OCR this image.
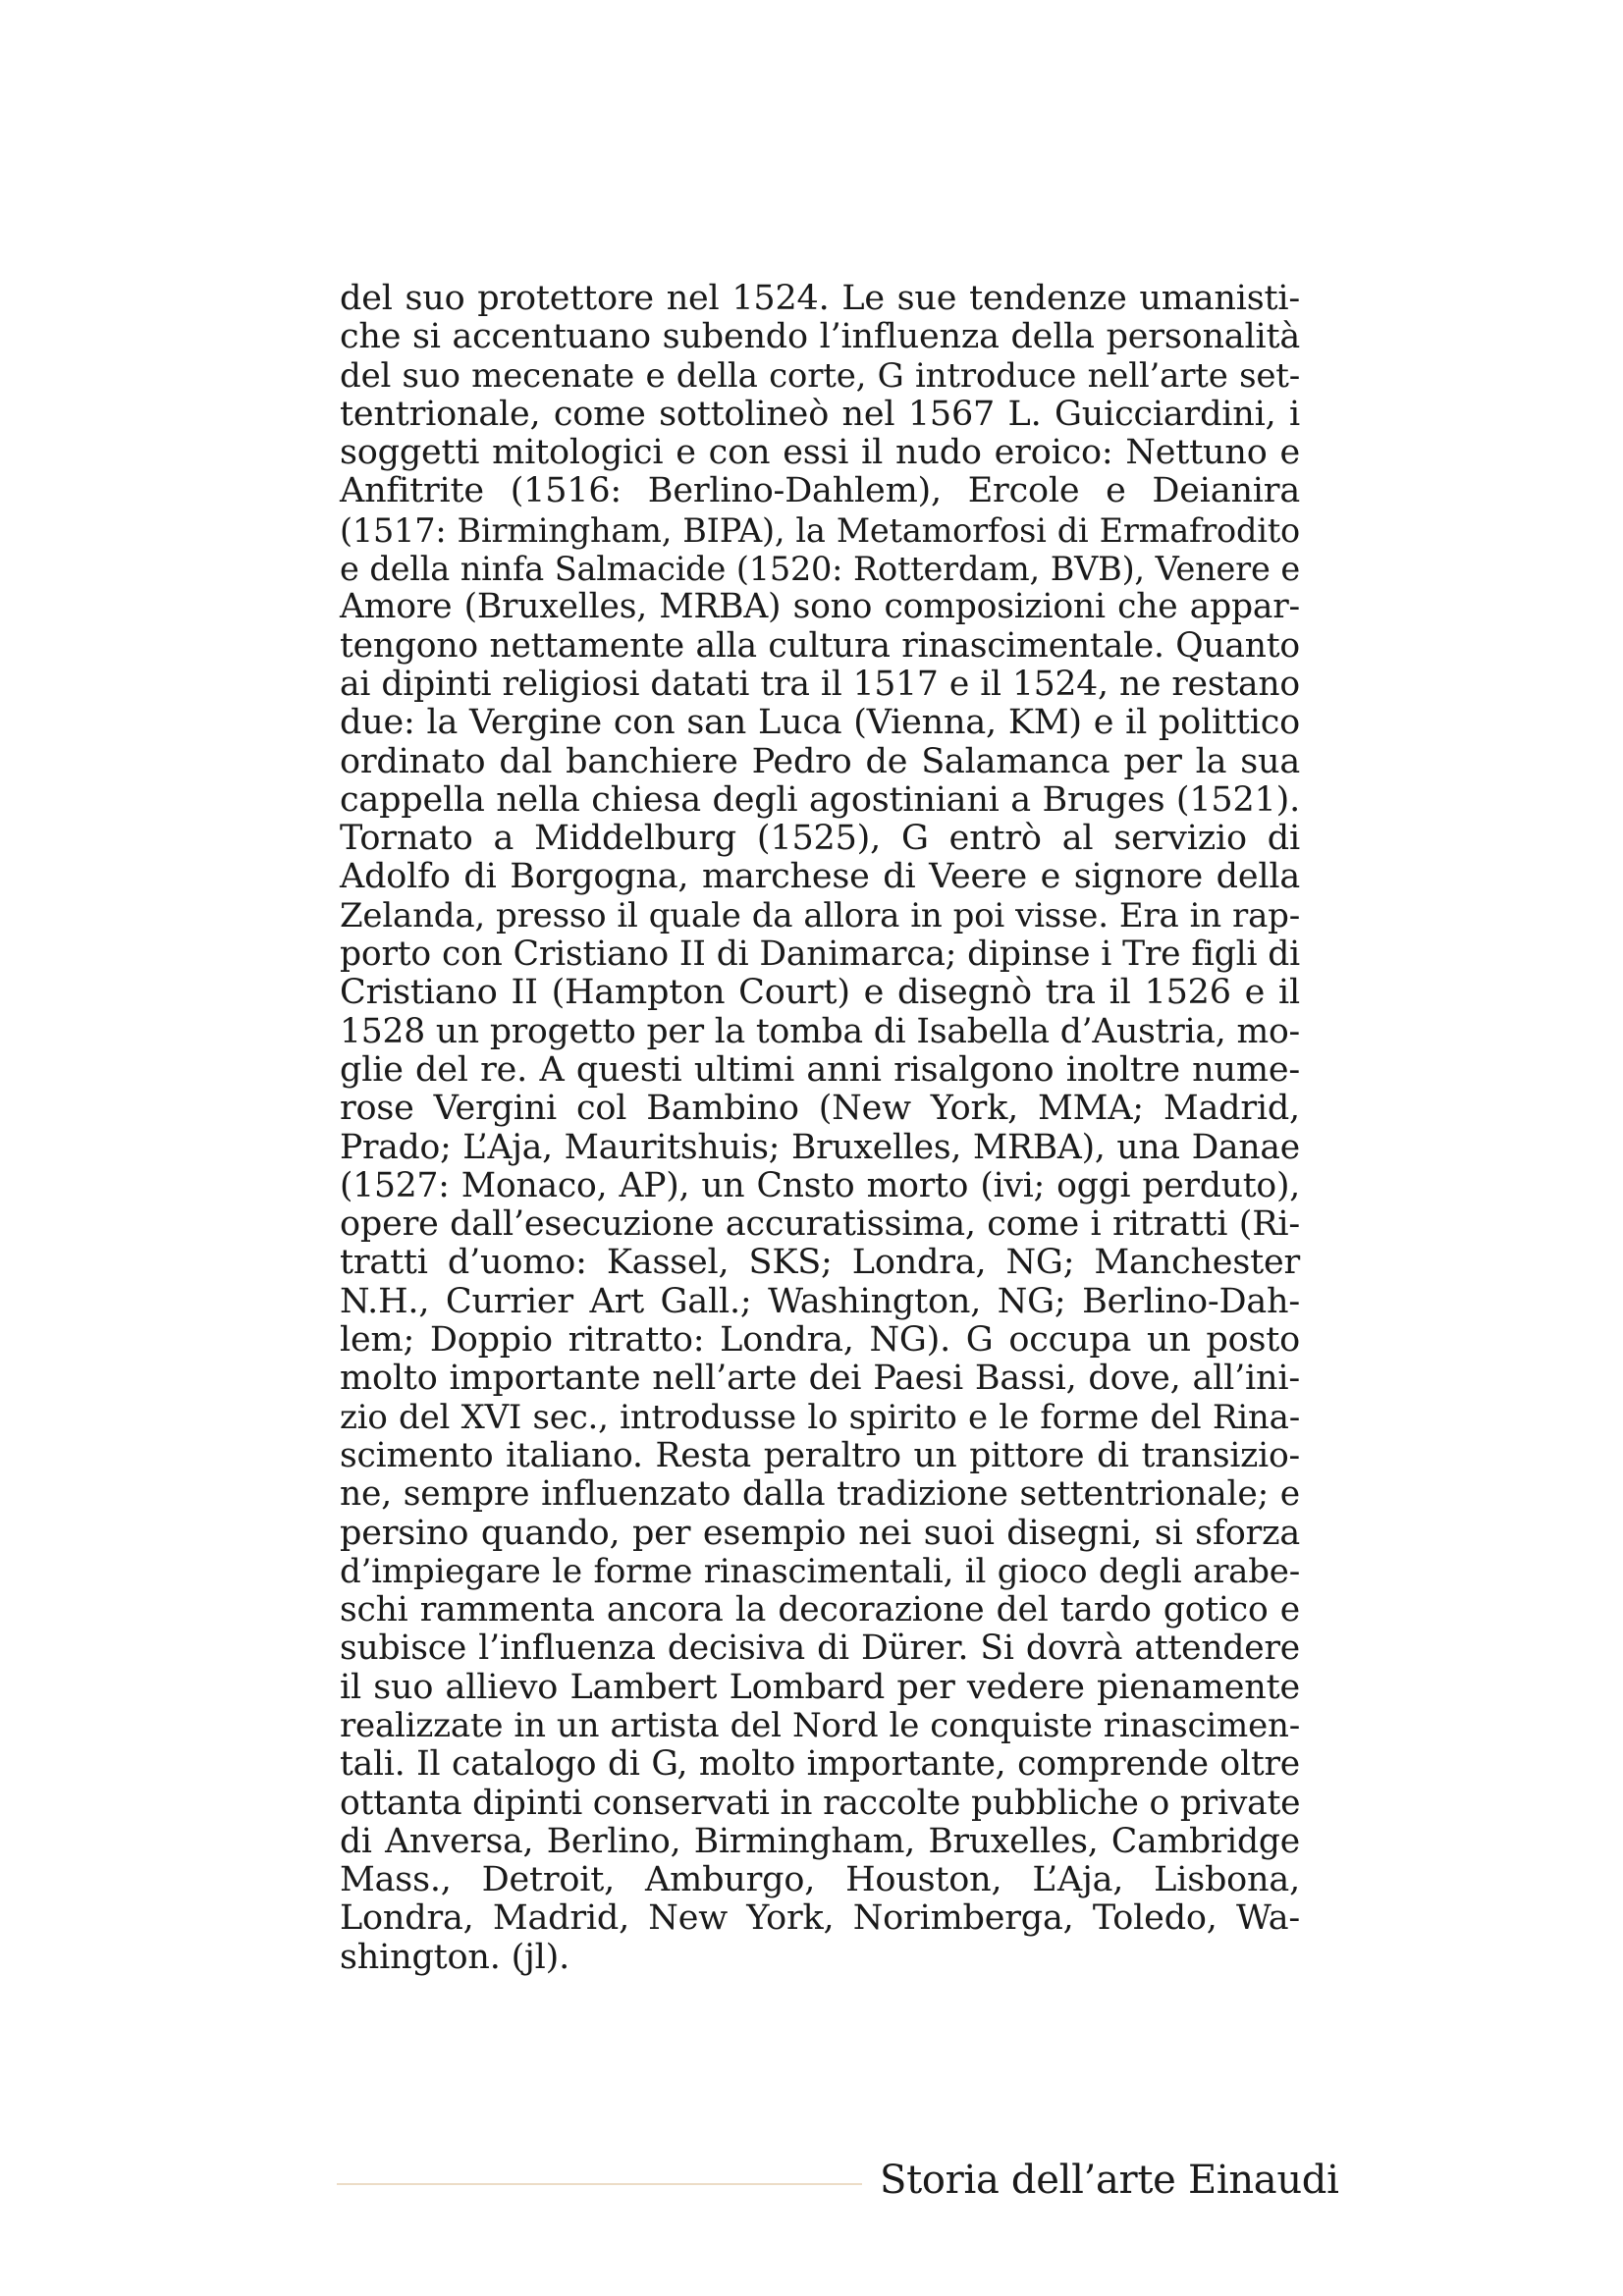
del suo protettore nel 1524. Le sue tendenze umanisti-
che si accentuano subendo l’influenza della personalità
del suo mecenate e della corte, G introduce nell’arte set-
tentrionale, come sottolineò nel 1567 L. Guicciardini, i
soggetti mitologici e con essi il nudo eroico: Nettuno e
Anfitrite (1516: Berlino-Dahlem), Ercole e Deianira
(1517: Birmingham, BIPA), la Metamorfosi di Ermafrodito
e della ninfa Salmacide (1520: Rotterdam, BVB), Venere e
Amore (Bruxelles, MRBA) sono composizioni che appar-
tengono nettamente alla cultura rinascimentale. Quanto
ai dipinti religiosi datati tra il 1517 e il 1524, ne restano
due: la Vergine con san Luca (Vienna, KM) e il polittico
ordinato dal banchiere Pedro de Salamanca per la sua
cappella nella chiesa degli agostiniani a Bruges (1521).
Tornato a Middelburg (1525), G entrò al servizio di
Adolfo di Borgogna, marchese di Veere e signore della
Zelanda, presso il quale da allora in poi visse. Era in rap-
porto con Cristiano II di Danimarca; dipinse i Tre figli di
Cristiano II (Hampton Court) e disegnò tra il 1526 e il
1528 un progetto per la tomba di Isabella d’Austria, mo-
glie del re. A questi ultimi anni risalgono inoltre nume-
rose Vergini col Bambino (New York, MMA; Madrid,
Prado; L’Aja, Mauritshuis; Bruxelles, MRBA), una Danae
(1527: Monaco, AP), un Cnsto morto (ivi; oggi perduto),
opere dall’esecuzione accuratissima, come i ritratti (Ri-
tratti d’uomo: Kassel, SKS; Londra, NG; Manchester
N.H., Currier Art Gall.; Washington, NG; Berlino-Dah-
lem; Doppio ritratto: Londra, NG). G occupa un posto
molto importante nell’arte dei Paesi Bassi, dove, all’ini-
zio del XVI sec., introdusse lo spirito e le forme del Rina-
scimento italiano. Resta peraltro un pittore di transizio-
ne, sempre influenzato dalla tradizione settentrionale; e
persino quando, per esempio nei suoi disegni, si sforza
d’impiegare le forme rinascimentali, il gioco degli arabe-
schi rammenta ancora la decorazione del tardo gotico e
subisce l’influenza decisiva di Dürer. Si dovrà attendere
il suo allievo Lambert Lombard per vedere pienamente
realizzate in un artista del Nord le conquiste rinascimen-
tali. Il catalogo di G, molto importante, comprende oltre
ottanta dipinti conservati in raccolte pubbliche o private
di Anversa, Berlino, Birmingham, Bruxelles, Cambridge
Mass., Detroit, Amburgo, Houston, L’Aja, Lisbona,
Londra, Madrid, New York, Norimberga, Toledo, Wa-
shington. (jl).
Storia dell’arte Einaudi
